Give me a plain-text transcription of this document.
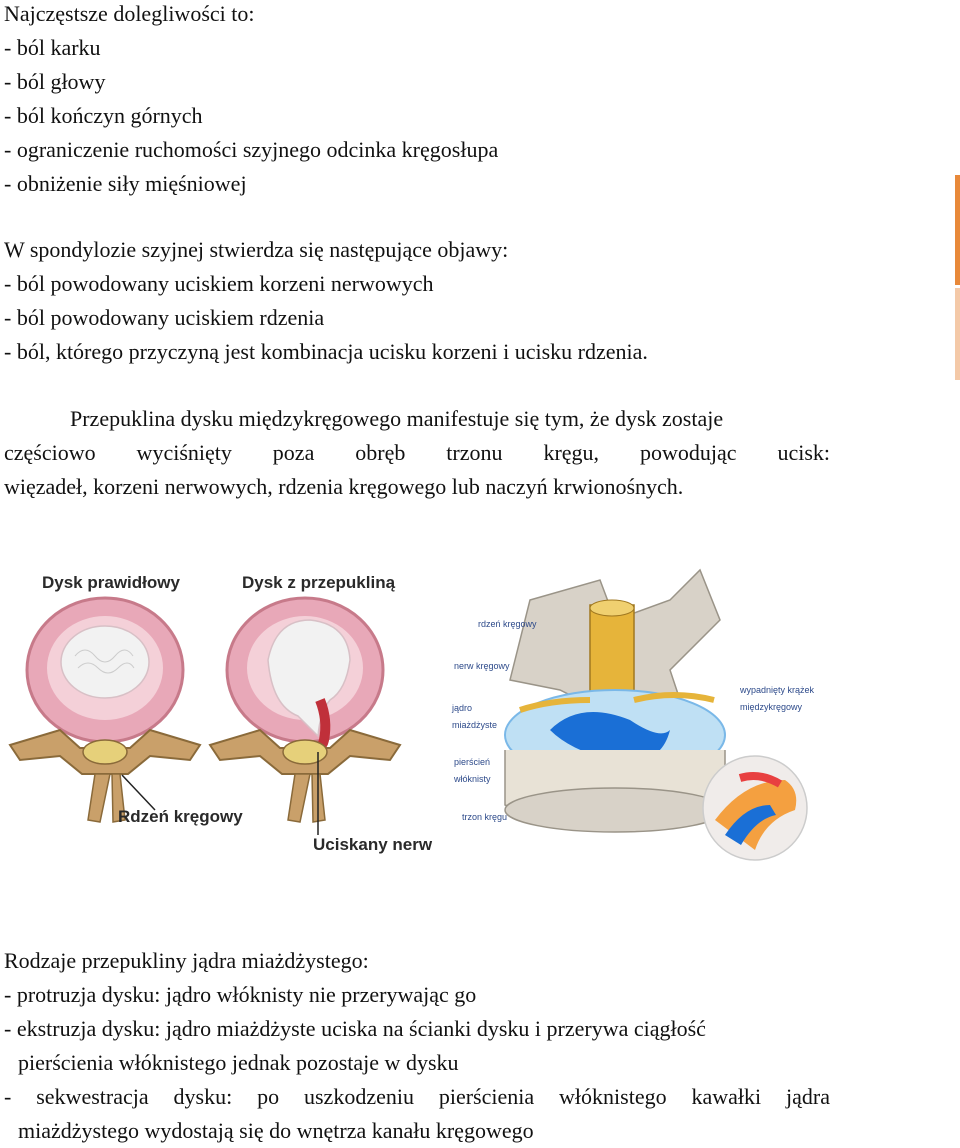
Najczęstsze dolegliwości to:
- ból karku
- ból głowy
- ból kończyn górnych
- ograniczenie ruchomości szyjnego odcinka kręgosłupa
- obniżenie siły mięśniowej
W spondylozie szyjnej stwierdza się następujące objawy:
- ból powodowany uciskiem korzeni nerwowych
- ból powodowany uciskiem rdzenia
- ból, którego przyczyną jest kombinacja ucisku korzeni i ucisku rdzenia.
Przepuklina dysku międzykręgowego manifestuje się tym, że dysk zostaje
częściowo wyciśnięty poza obręb trzonu kręgu, powodując ucisk:
więzadeł, korzeni nerwowych, rdzenia kręgowego lub naczyń krwionośnych.
Dysk prawidłowy	Dysk z przepukliną
Rdzeń kręgowy
Uciskany nerw
rdzeń kręgowy
nerw kręgowy
jądro
miażdżyste
pierścień
włóknisty
trzon kręgu
wypadnięty krążek
międzykręgowy
Rodzaje przepukliny jądra miażdżystego:
- protruzja dysku: jądro włóknisty nie przerywając go
- ekstruzja dysku: jądro miażdżyste uciska na ścianki dysku i przerywa ciągłość
pierścienia włóknistego jednak pozostaje w dysku
- sekwestracja dysku: po uszkodzeniu pierścienia włóknistego kawałki jądra
miażdżystego wydostają się do wnętrza kanału kręgowego
